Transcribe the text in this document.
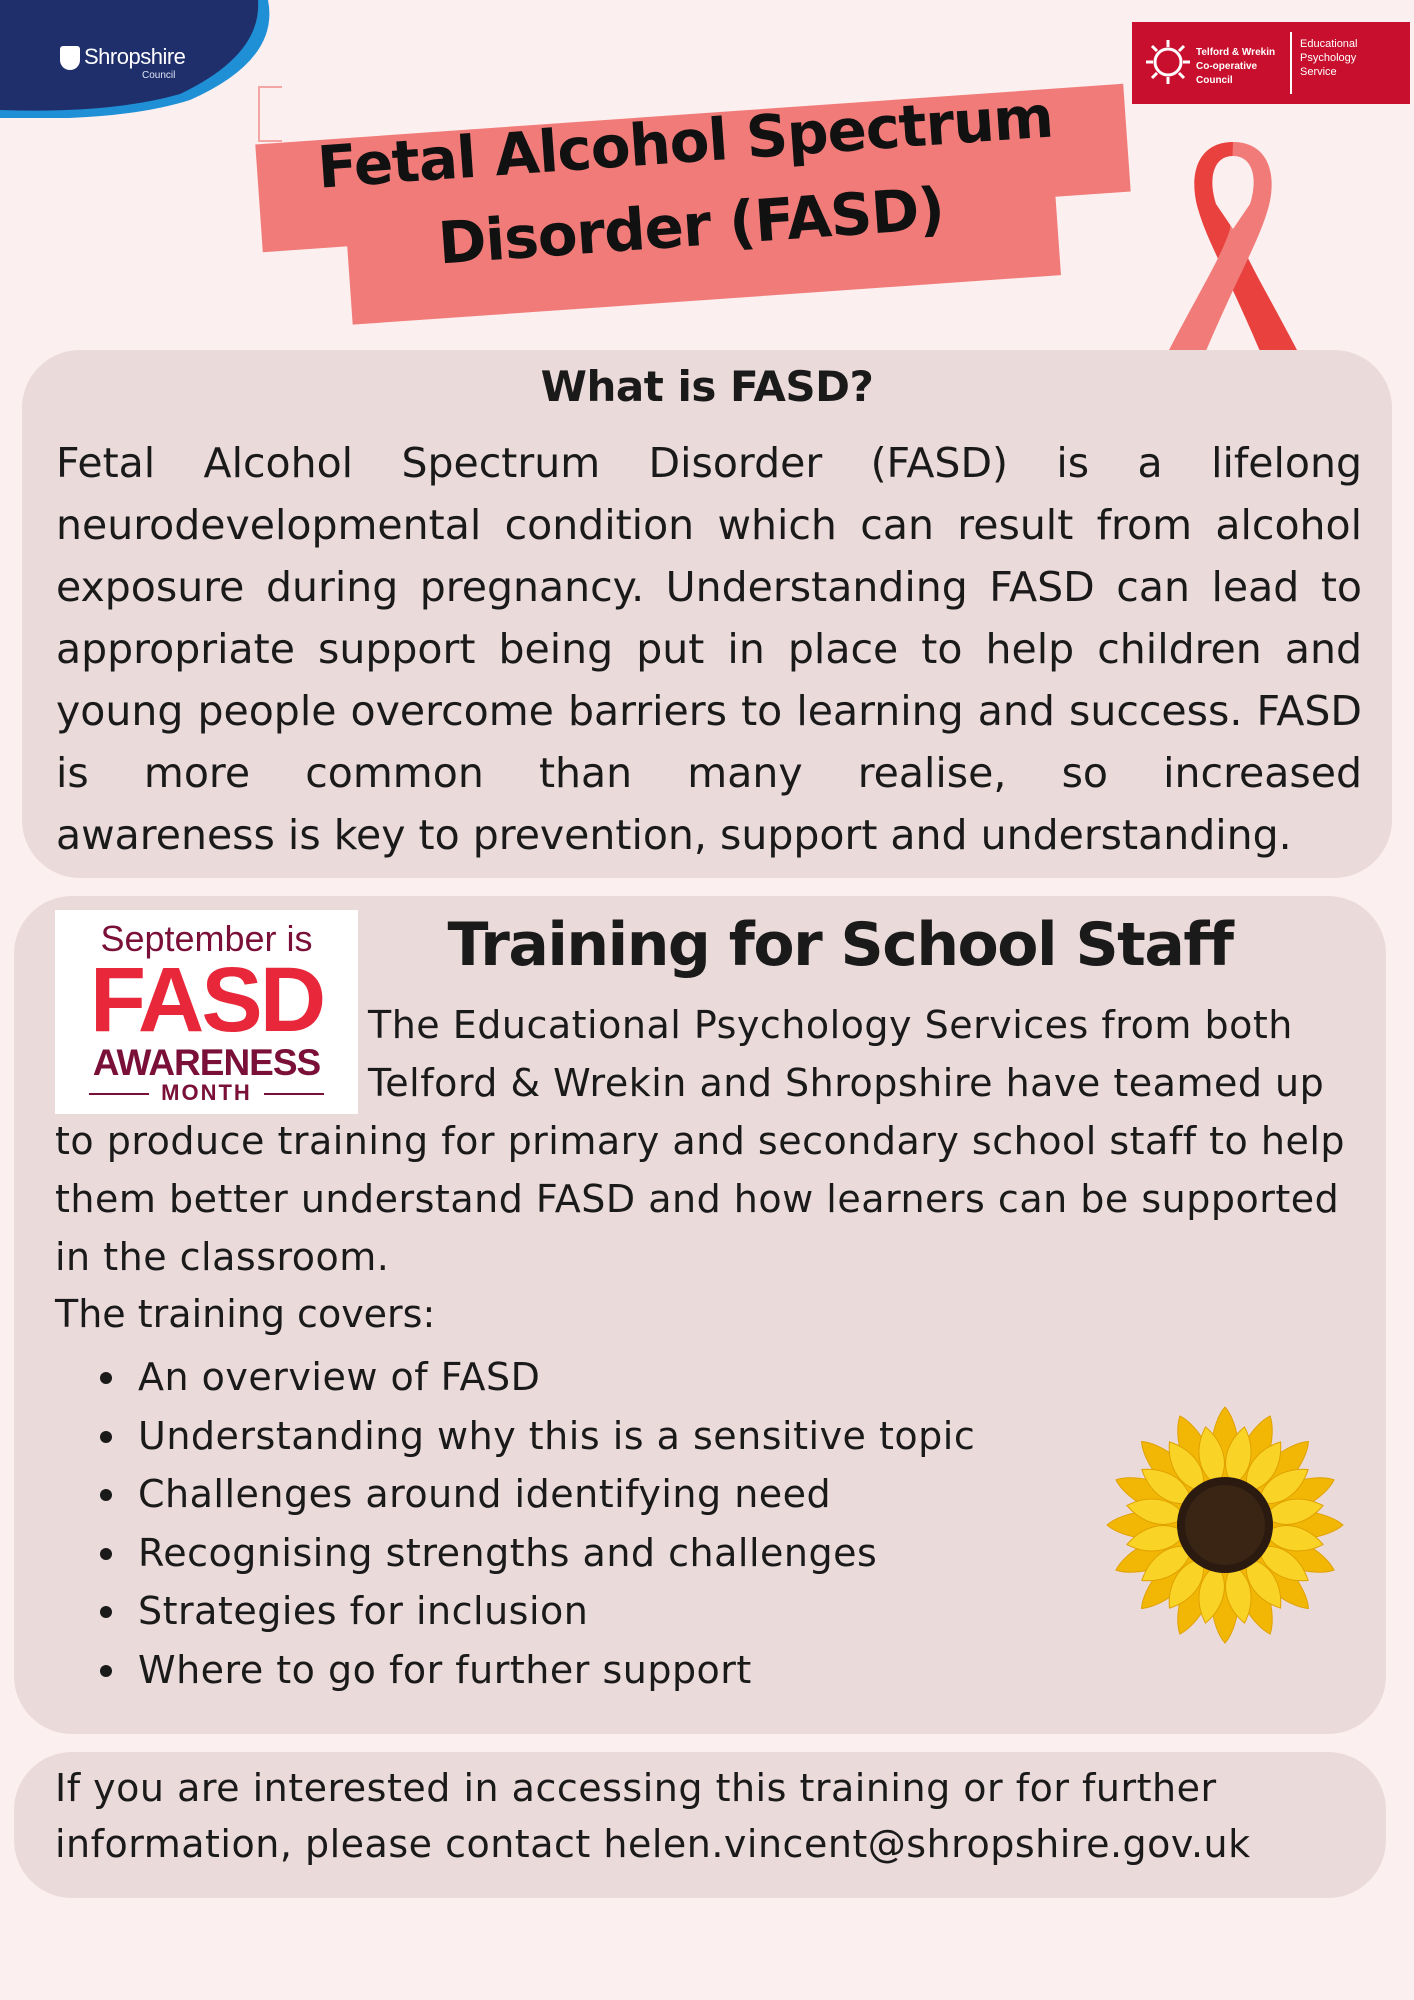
Shropshire
Council
Telford & Wrekin
Co-operative Council
Educational
Psychology
Service
Fetal Alcohol Spectrum
Disorder (FASD)
What is FASD?
Fetal Alcohol Spectrum Disorder (FASD) is a lifelong neurodevelopmental condition which can result from alcohol exposure during pregnancy. Understanding FASD can lead to appropriate support being put in place to help children and young people overcome barriers to learning and success. FASD is more common than many realise, so increased
awareness is key to prevention, support and understanding.
September is
FASD
AWARENESS
MONTH
Training for School Staff
The Educational Psychology Services from both
Telford & Wrekin and Shropshire have teamed up
to produce training for primary and secondary school staff to help
them better understand FASD and how learners can be supported
in the classroom.
The training covers:
An overview of FASD
Understanding why this is a sensitive topic
Challenges around identifying need
Recognising strengths and challenges
Strategies for inclusion
Where to go for further support
If you are interested in accessing this training or for further
information, please contact helen.vincent@shropshire.gov.uk
